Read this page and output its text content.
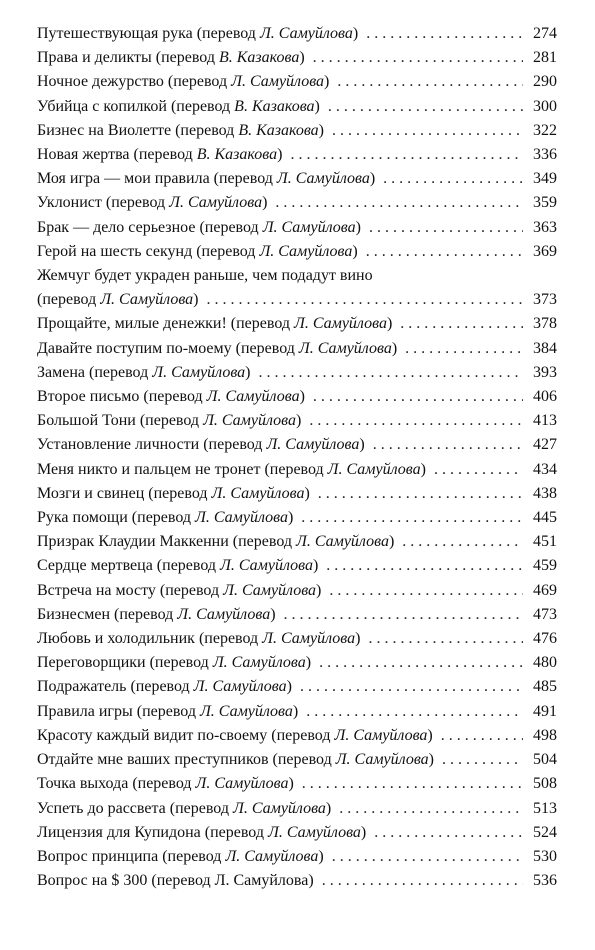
Путешествующая рука (перевод Л. Самуйлова) . . .	274
Права и деликты (перевод В. Казакова) . . .	281
Ночное дежурство (перевод Л. Самуйлова) . . .	290
Убийца с копилкой (перевод В. Казакова) . . .	300
Бизнес на Виолетте (перевод В. Казакова) . . .	322
Новая жертва (перевод В. Казакова) . . .	336
Моя игра — мои правила (перевод Л. Самуйлова) . . .	349
Уклонист (перевод Л. Самуйлова) . . .	359
Брак — дело серьезное (перевод Л. Самуйлова) . . .	363
Герой на шесть секунд (перевод Л. Самуйлова) . . .	369
Жемчуг будет украден раньше, чем подадут вино
(перевод Л. Самуйлова) . . .	373
Прощайте, милые денежки! (перевод Л. Самуйлова) . . .	378
Давайте поступим по-моему (перевод Л. Самуйлова) . . .	384
Замена (перевод Л. Самуйлова) . . .	393
Второе письмо (перевод Л. Самуйлова) . . .	406
Большой Тони (перевод Л. Самуйлова) . . .	413
Установление личности (перевод Л. Самуйлова) . . .	427
Меня никто и пальцем не тронет (перевод Л. Самуйлова) . . .	434
Мозги и свинец (перевод Л. Самуйлова) . . .	438
Рука помощи (перевод Л. Самуйлова) . . .	445
Призрак Клаудии Маккенни (перевод Л. Самуйлова) . . .	451
Сердце мертвеца (перевод Л. Самуйлова) . . .	459
Встреча на мосту (перевод Л. Самуйлова) . . .	469
Бизнесмен (перевод Л. Самуйлова) . . .	473
Любовь и холодильник (перевод Л. Самуйлова) . . .	476
Переговорщики (перевод Л. Самуйлова) . . .	480
Подражатель (перевод Л. Самуйлова) . . .	485
Правила игры (перевод Л. Самуйлова) . . .	491
Красоту каждый видит по-своему (перевод Л. Самуйлова) . . .	498
Отдайте мне ваших преступников (перевод Л. Самуйлова) . . .	504
Точка выхода (перевод Л. Самуйлова) . . .	508
Успеть до рассвета (перевод Л. Самуйлова) . . .	513
Лицензия для Купидона (перевод Л. Самуйлова) . . .	524
Вопрос принципа (перевод Л. Самуйлова) . . .	530
Вопрос на $ 300 (перевод Л. Самуйлова) . . .	536
